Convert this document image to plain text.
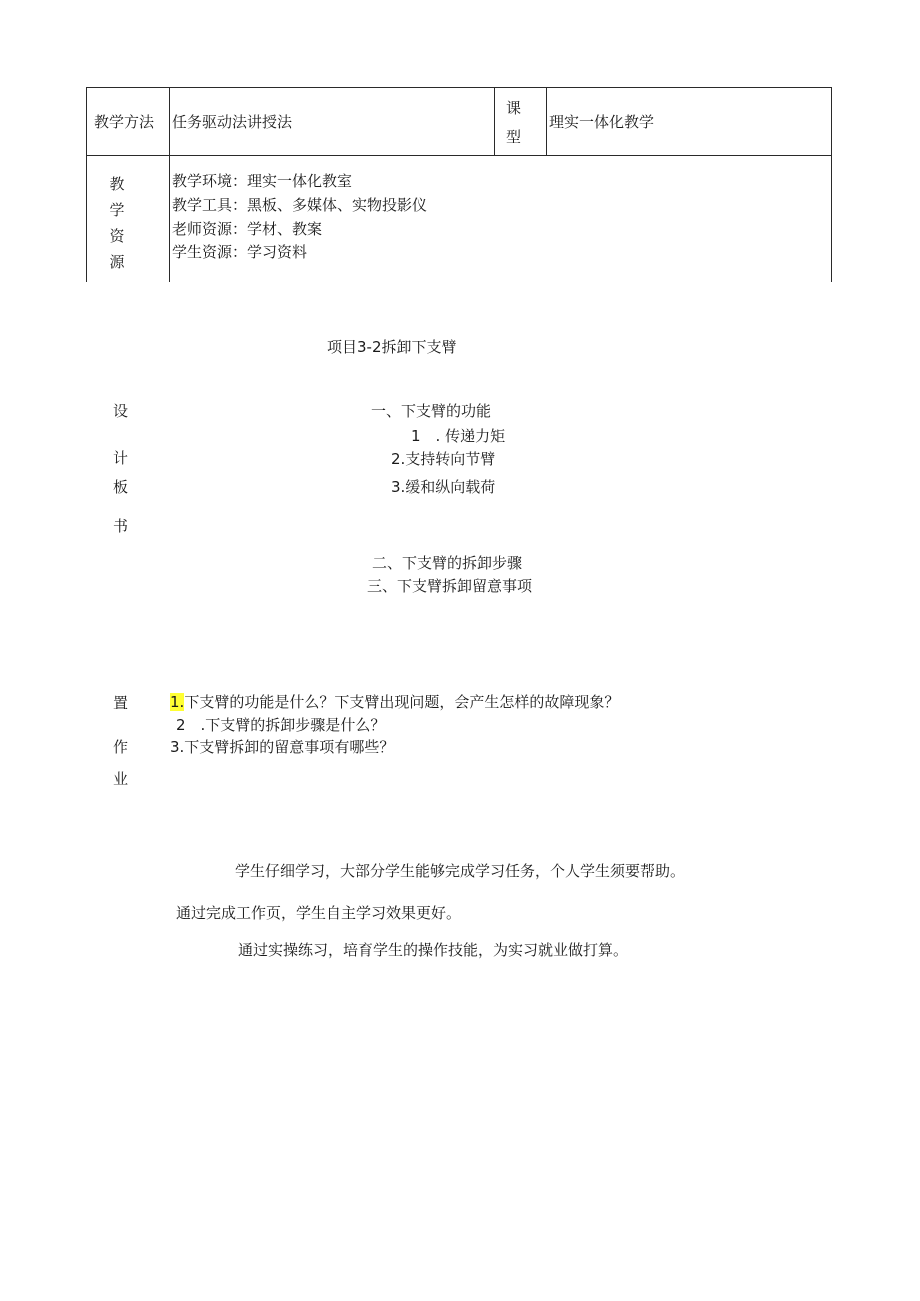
教学方法 任务驱动法讲授法
课
型
理实一体化教学
教
学
资
源
教学环境：理实一体化教室
教学工具：黑板、多媒体、实物投影仪
老师资源：学材、教案
学生资源：学习资料
项目3-2拆卸下支臂
设
计
板
书
一、下支臂的功能
1　. 传递力矩
2.支持转向节臂
3.缓和纵向载荷
二、下支臂的拆卸步骤
三、下支臂拆卸留意事项
置
作
业
1.下支臂的功能是什么？下支臂出现问题，会产生怎样的故障现象？
2　.下支臂的拆卸步骤是什么？
3.下支臂拆卸的留意事项有哪些？
学生仔细学习，大部分学生能够完成学习任务，个人学生须要帮助。
通过完成工作页，学生自主学习效果更好。
通过实操练习，培育学生的操作技能，为实习就业做打算。
